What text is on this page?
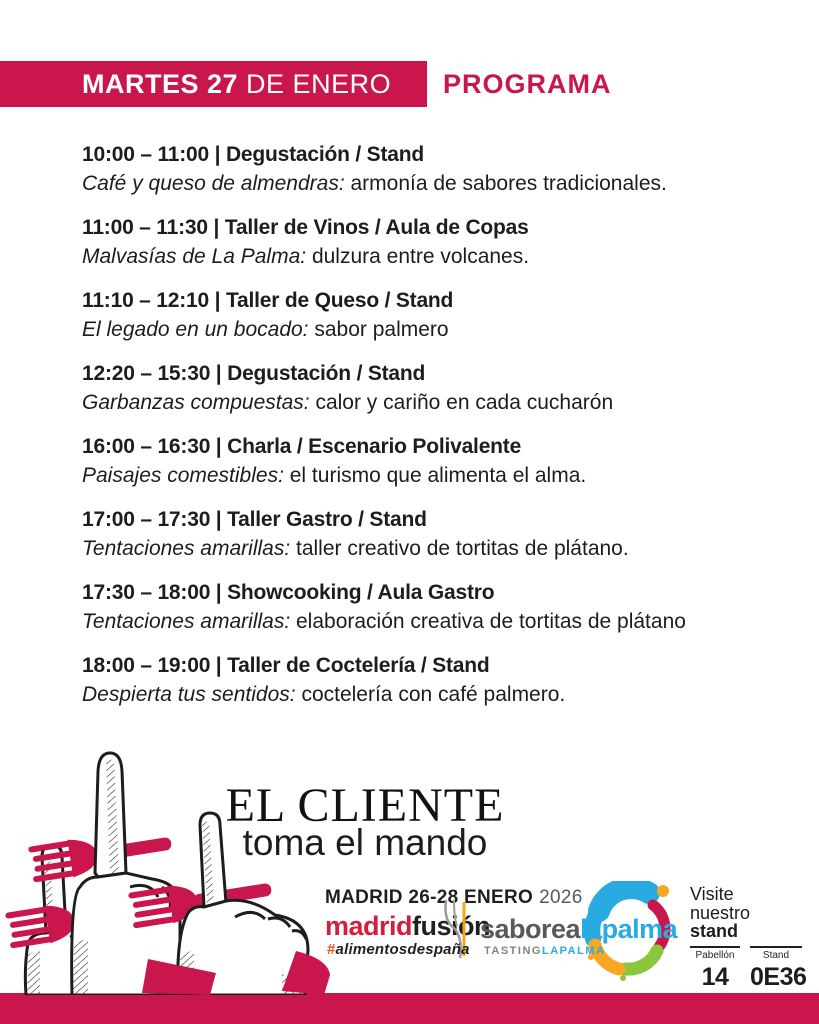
MARTES 27 DE ENERO PROGRAMA
10:00 – 11:00 | Degustación / Stand
Café y queso de almendras: armonía de sabores tradicionales.
11:00 – 11:30 | Taller de Vinos / Aula de Copas
Malvasías de La Palma: dulzura entre volcanes.
11:10 – 12:10 | Taller de Queso / Stand
El legado en un bocado: sabor palmero
12:20 – 15:30 | Degustación / Stand
Garbanzas compuestas: calor y cariño en cada cucharón
16:00 – 16:30 | Charla / Escenario Polivalente
Paisajes comestibles: el turismo que alimenta el alma.
17:00 – 17:30 | Taller Gastro / Stand
Tentaciones amarillas: taller creativo de tortitas de plátano.
17:30 – 18:00 | Showcooking / Aula Gastro
Tentaciones amarillas: elaboración creativa de tortitas de plátano
18:00 – 19:00 | Taller de Coctelería / Stand
Despierta tus sentidos: coctelería con café palmero.
EL CLIENTE
toma el mando
MADRID 26-28 ENERO 2026
madridfusión
#alimentosdespaña
saborealapalma
TASTINGLAPALMA
Visite
nuestro stand
Pabellón
14
Stand
0E36
